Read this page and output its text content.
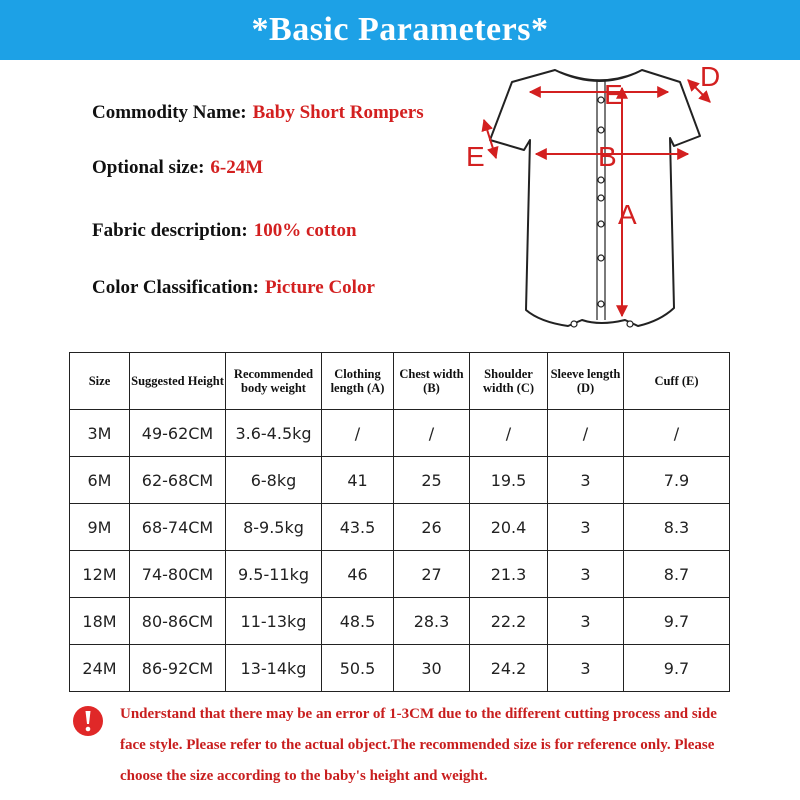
*Basic Parameters*
Commodity Name: Baby Short Rompers
Optional size: 6-24M
Fabric description: 100% cotton
Color Classification: Picture Color
E
B
A
D
E
Size	Suggested Height	Recommended body weight	Clothing length (A)	Chest width (B)	Shoulder width (C)	Sleeve length (D)	Cuff (E)
3M	49-62CM	3.6-4.5kg	/	/	/	/	/
6M	62-68CM	6-8kg	41	25	19.5	3	7.9
9M	68-74CM	8-9.5kg	43.5	26	20.4	3	8.3
12M	74-80CM	9.5-11kg	46	27	21.3	3	8.7
18M	80-86CM	11-13kg	48.5	28.3	22.2	3	9.7
24M	86-92CM	13-14kg	50.5	30	24.2	3	9.7
Understand that there may be an error of 1-3CM due to the different cutting process and side face style. Please refer to the actual object.The recommended size is for reference only. Please choose the size according to the baby's height and weight.
